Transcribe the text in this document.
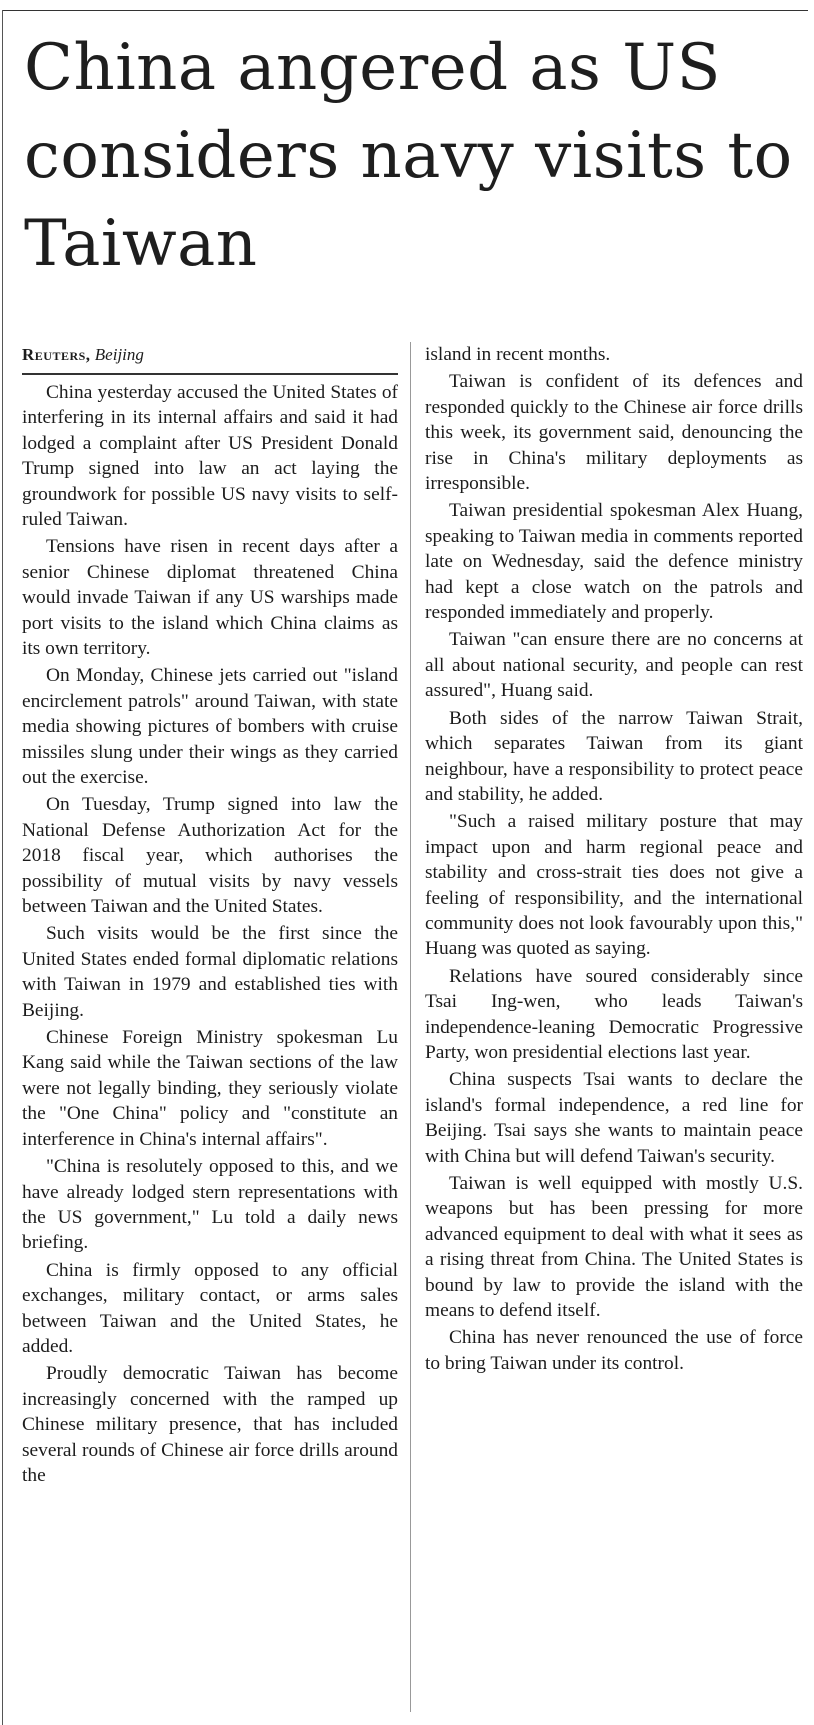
China angered as US considers navy visits to Taiwan
Reuters, Beijing

China yesterday accused the United States of interfering in its internal affairs and said it had lodged a complaint after US President Donald Trump signed into law an act laying the groundwork for possible US navy visits to self-ruled Taiwan.

Tensions have risen in recent days after a senior Chinese diplomat threatened China would invade Taiwan if any US warships made port visits to the island which China claims as its own territory.

On Monday, Chinese jets carried out "island encirclement patrols" around Taiwan, with state media showing pictures of bombers with cruise missiles slung under their wings as they carried out the exercise.

On Tuesday, Trump signed into law the National Defense Authorization Act for the 2018 fiscal year, which authorises the possibility of mutual visits by navy vessels between Taiwan and the United States.

Such visits would be the first since the United States ended formal diplomatic relations with Taiwan in 1979 and established ties with Beijing.

Chinese Foreign Ministry spokesman Lu Kang said while the Taiwan sections of the law were not legally binding, they seriously violate the "One China" policy and "constitute an interference in China's internal affairs".

"China is resolutely opposed to this, and we have already lodged stern representations with the US government," Lu told a daily news briefing.

China is firmly opposed to any official exchanges, military contact, or arms sales between Taiwan and the United States, he added.

Proudly democratic Taiwan has become increasingly concerned with the ramped up Chinese military presence, that has included several rounds of Chinese air force drills around the

island in recent months.

Taiwan is confident of its defences and responded quickly to the Chinese air force drills this week, its government said, denouncing the rise in China's military deployments as irresponsible.

Taiwan presidential spokesman Alex Huang, speaking to Taiwan media in comments reported late on Wednesday, said the defence ministry had kept a close watch on the patrols and responded immediately and properly.

Taiwan "can ensure there are no concerns at all about national security, and people can rest assured", Huang said.

Both sides of the narrow Taiwan Strait, which separates Taiwan from its giant neighbour, have a responsibility to protect peace and stability, he added.

"Such a raised military posture that may impact upon and harm regional peace and stability and cross-strait ties does not give a feeling of responsibility, and the international community does not look favourably upon this," Huang was quoted as saying.

Relations have soured considerably since Tsai Ing-wen, who leads Taiwan's independence-leaning Democratic Progressive Party, won presidential elections last year.

China suspects Tsai wants to declare the island's formal independence, a red line for Beijing. Tsai says she wants to maintain peace with China but will defend Taiwan's security.

Taiwan is well equipped with mostly U.S. weapons but has been pressing for more advanced equipment to deal with what it sees as a rising threat from China. The United States is bound by law to provide the island with the means to defend itself.

China has never renounced the use of force to bring Taiwan under its control.
